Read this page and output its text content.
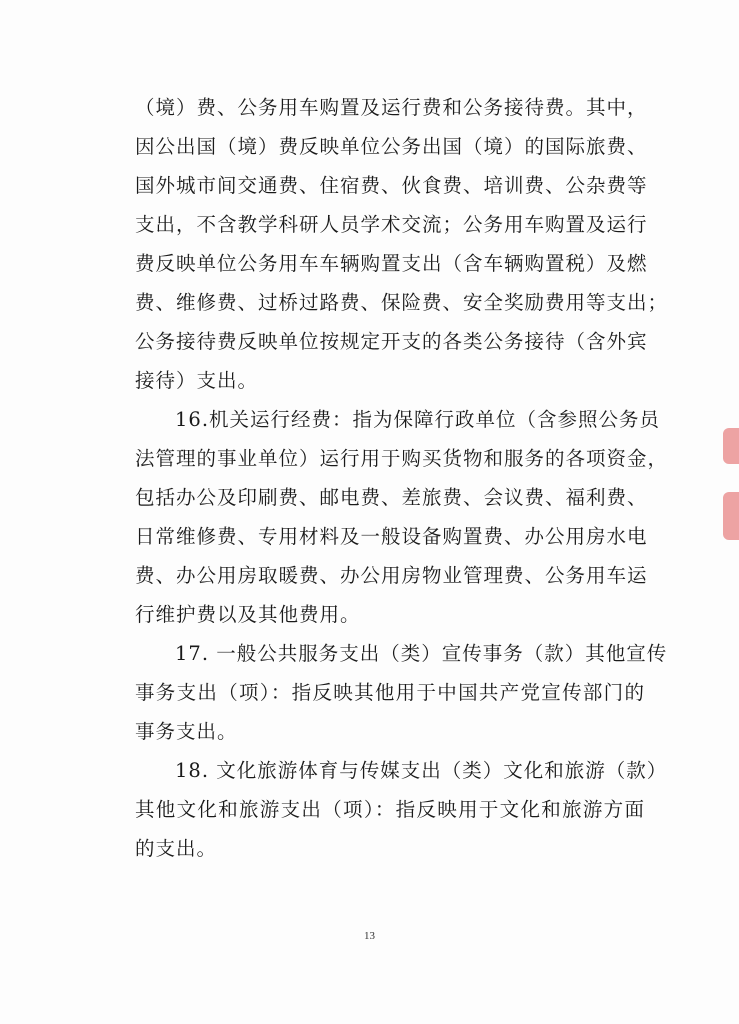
（境）费、公务用车购置及运行费和公务接待费。其中，
因公出国（境）费反映单位公务出国（境）的国际旅费、
国外城市间交通费、住宿费、伙食费、培训费、公杂费等
支出，不含教学科研人员学术交流；公务用车购置及运行
费反映单位公务用车车辆购置支出（含车辆购置税）及燃
费、维修费、过桥过路费、保险费、安全奖励费用等支出；
公务接待费反映单位按规定开支的各类公务接待（含外宾
接待）支出。
16.机关运行经费：指为保障行政单位（含参照公务员
法管理的事业单位）运行用于购买货物和服务的各项资金，
包括办公及印刷费、邮电费、差旅费、会议费、福利费、
日常维修费、专用材料及一般设备购置费、办公用房水电
费、办公用房取暖费、办公用房物业管理费、公务用车运
行维护费以及其他费用。
17. 一般公共服务支出（类）宣传事务（款）其他宣传
事务支出（项）：指反映其他用于中国共产党宣传部门的
事务支出。
18. 文化旅游体育与传媒支出（类）文化和旅游（款）
其他文化和旅游支出（项）：指反映用于文化和旅游方面
的支出。
13
